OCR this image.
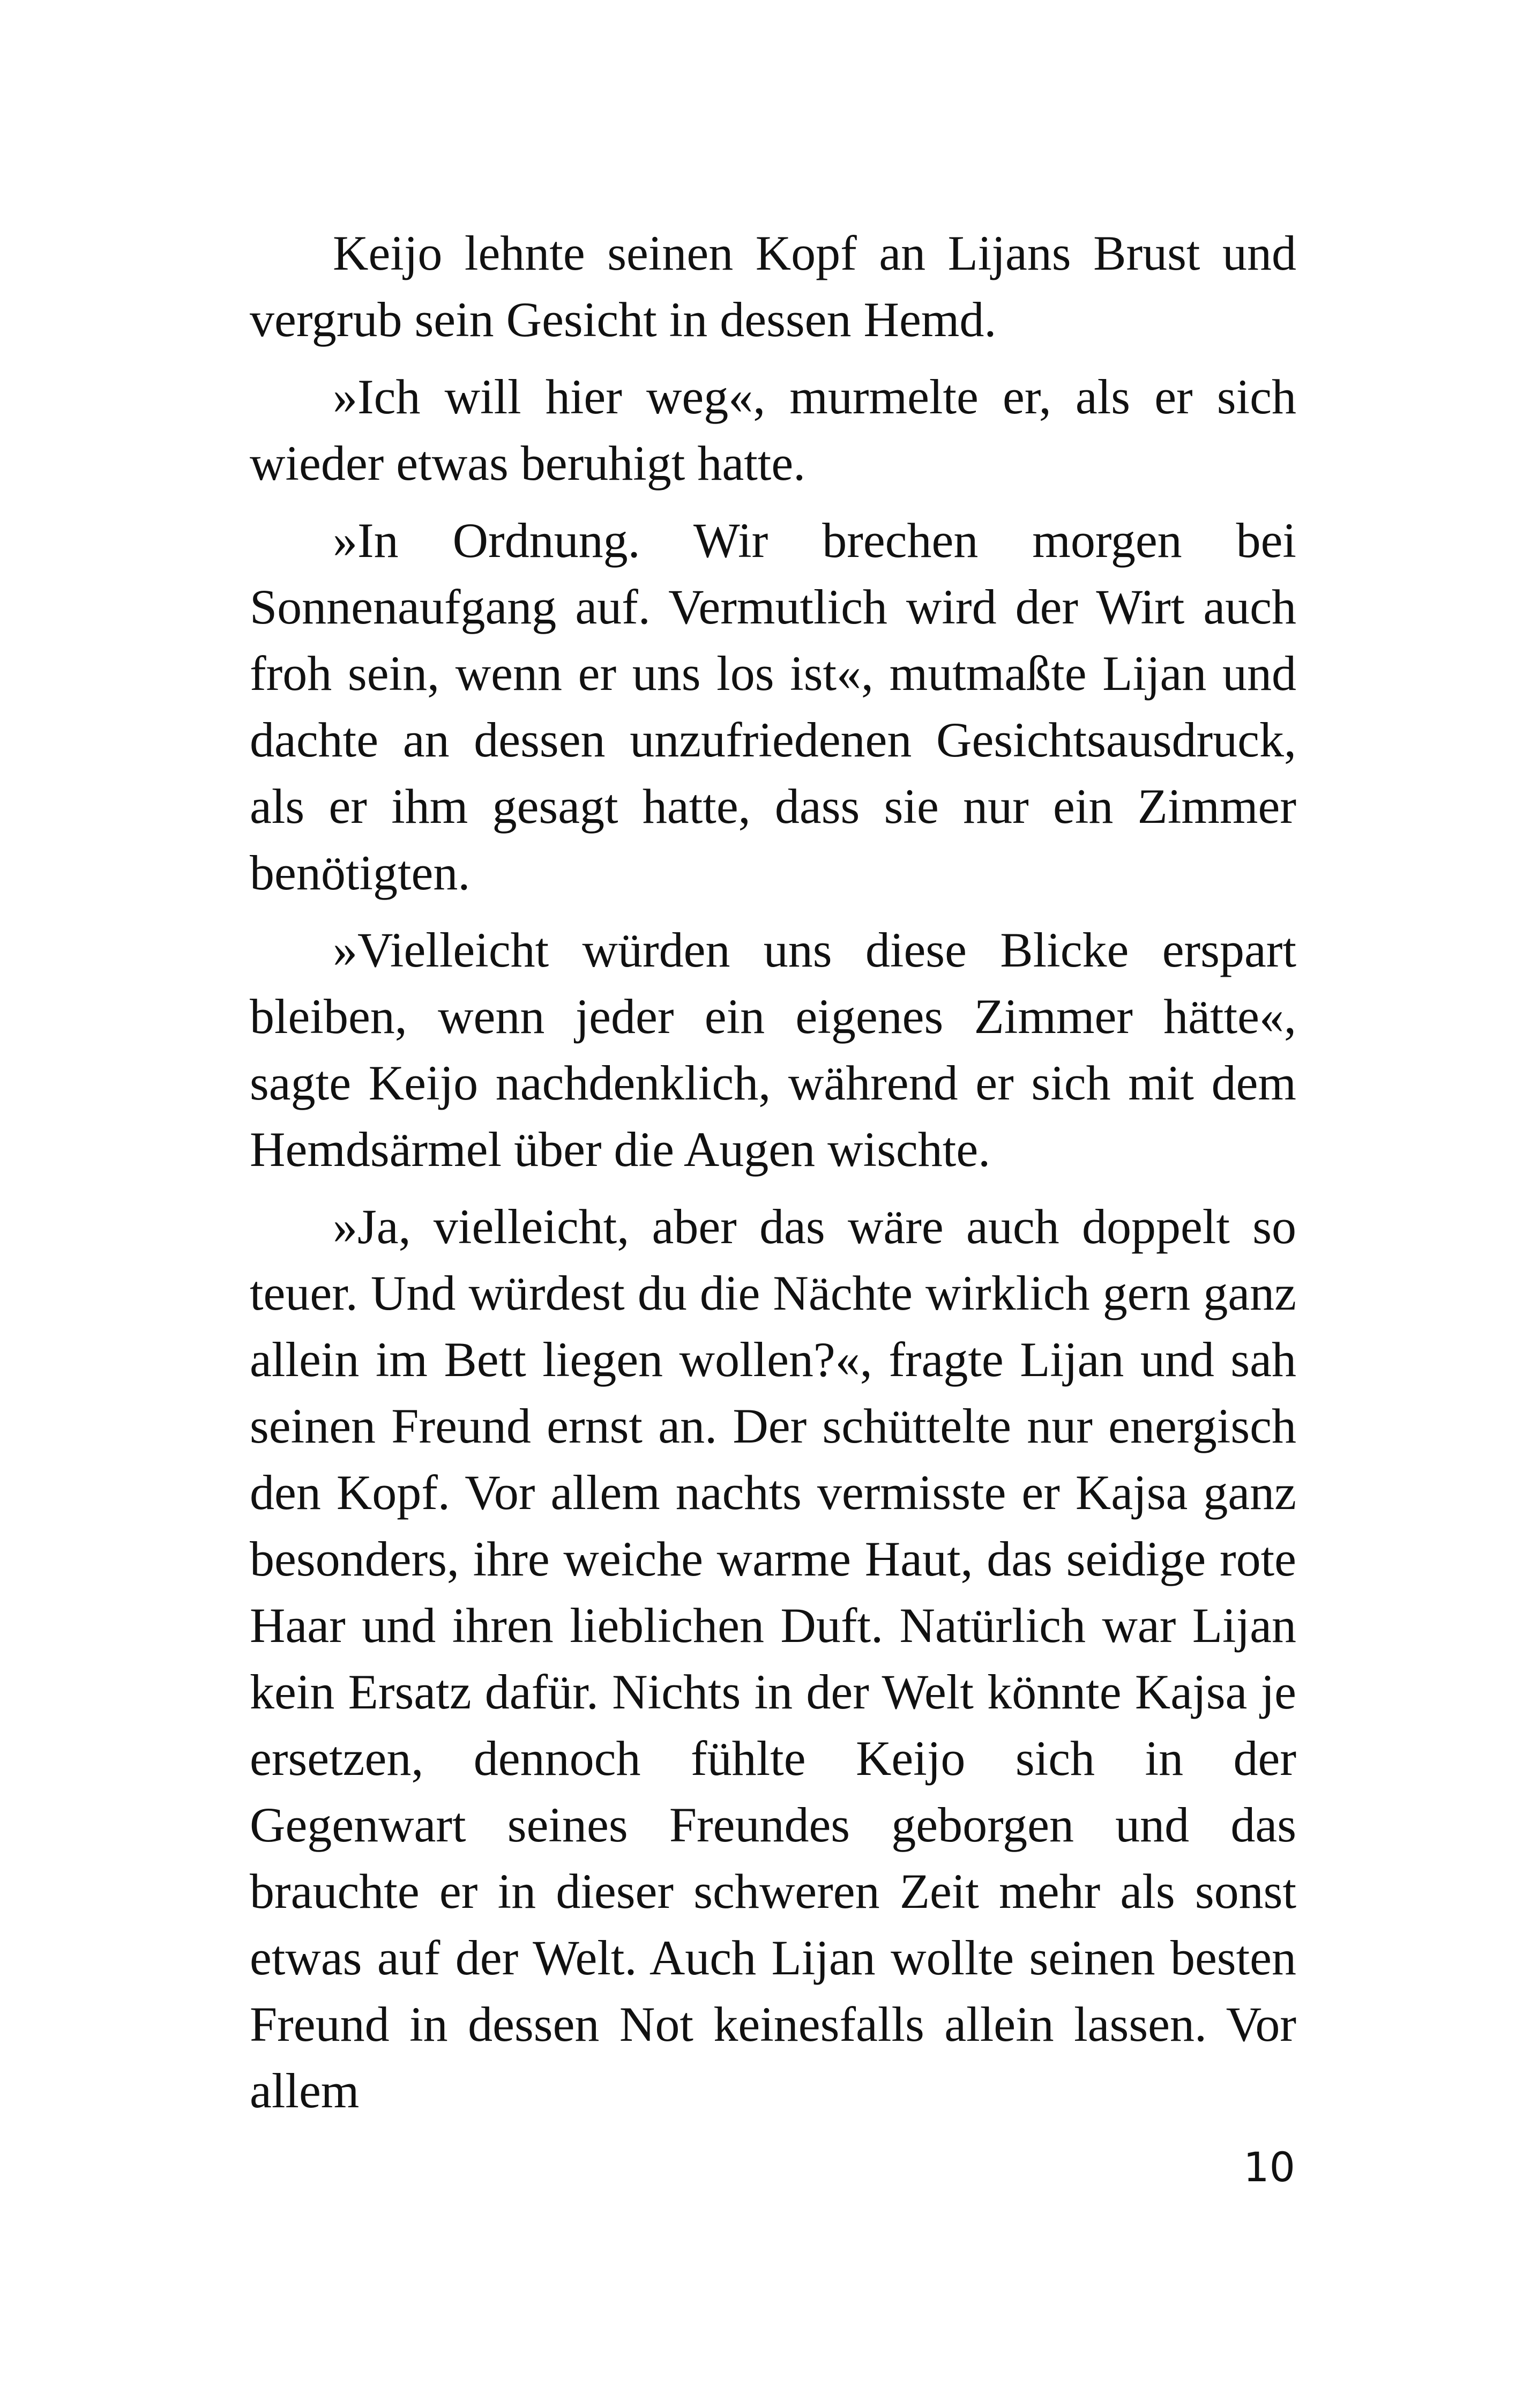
Keijo lehnte seinen Kopf an Lijans Brust und vergrub sein Gesicht in dessen Hemd.

»Ich will hier weg«, murmelte er, als er sich wieder etwas beruhigt hatte.

»In Ordnung. Wir brechen morgen bei Sonnenaufgang auf. Vermutlich wird der Wirt auch froh sein, wenn er uns los ist«, mutmaßte Lijan und dachte an dessen unzufriedenen Gesichtsausdruck, als er ihm gesagt hatte, dass sie nur ein Zimmer benötigten.

»Vielleicht würden uns diese Blicke erspart bleiben, wenn jeder ein eigenes Zimmer hätte«, sagte Keijo nachdenklich, während er sich mit dem Hemdsärmel über die Augen wischte.

»Ja, vielleicht, aber das wäre auch doppelt so teuer. Und würdest du die Nächte wirklich gern ganz allein im Bett liegen wollen?«, fragte Lijan und sah seinen Freund ernst an. Der schüttelte nur energisch den Kopf. Vor allem nachts vermisste er Kajsa ganz besonders, ihre weiche warme Haut, das seidige rote Haar und ihren lieblichen Duft. Natürlich war Lijan kein Ersatz dafür. Nichts in der Welt könnte Kajsa je ersetzen, dennoch fühlte Keijo sich in der Gegenwart seines Freundes geborgen und das brauchte er in dieser schweren Zeit mehr als sonst etwas auf der Welt. Auch Lijan wollte seinen besten Freund in dessen Not keinesfalls allein lassen. Vor allem

10
